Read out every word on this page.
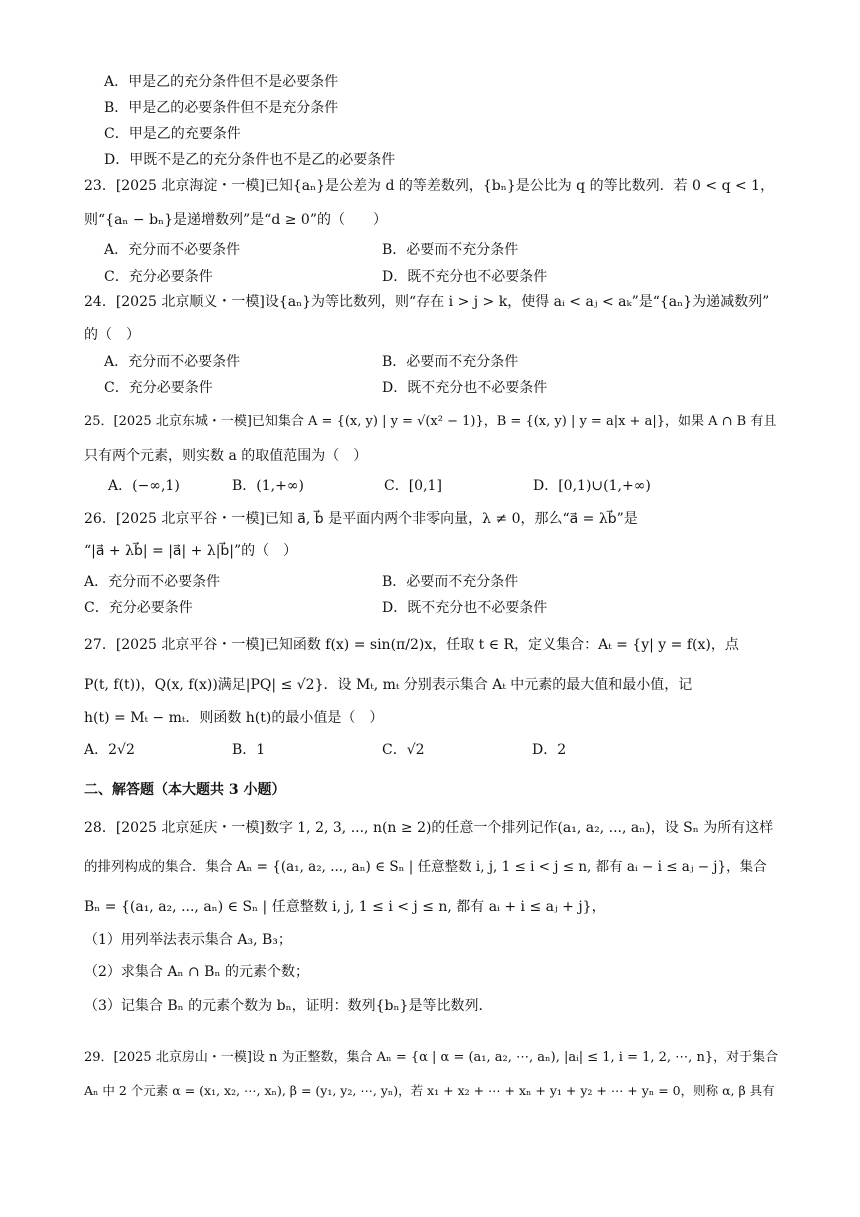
A．甲是乙的充分条件但不是必要条件
B．甲是乙的必要条件但不是充分条件
C．甲是乙的充要条件
D．甲既不是乙的充分条件也不是乙的必要条件
23．[2025 北京海淀・一模]已知{aₙ}是公差为 d 的等差数列，{bₙ}是公比为 q 的等比数列．若 0 < q < 1，
则“{aₙ − bₙ}是递增数列”是“d ≥ 0”的（　　）
A．充分而不必要条件	B．必要而不充分条件
C．充分必要条件	D．既不充分也不必要条件
24．[2025 北京顺义・一模]设{aₙ}为等比数列，则“存在 i > j > k，使得 aᵢ < aⱼ < aₖ”是“{aₙ}为递减数列”
的（　）
A．充分而不必要条件	B．必要而不充分条件
C．充分必要条件	D．既不充分也不必要条件
25．[2025 北京东城・一模]已知集合 A = {(x, y) | y = √(x² − 1)}，B = {(x, y) | y = a|x + a|}，如果 A ∩ B 有且
只有两个元素，则实数 a 的取值范围为（　）
A．(−∞,1)	B．(1,+∞)	C．[0,1]	D．[0,1)∪(1,+∞)
26．[2025 北京平谷・一模]已知 a⃗, b⃗ 是平面内两个非零向量，λ ≠ 0，那么“a⃗ = λb⃗”是
“|a⃗ + λb⃗| = |a⃗| + λ|b⃗|”的（　）
A．充分而不必要条件	B．必要而不充分条件
C．充分必要条件	D．既不充分也不必要条件
27．[2025 北京平谷・一模]已知函数 f(x) = sin(π/2)x，任取 t ∈ R，定义集合：Aₜ = {y| y = f(x)，点
P(t, f(t))，Q(x, f(x))满足|PQ| ≤ √2}．设 Mₜ, mₜ 分别表示集合 Aₜ 中元素的最大值和最小值，记
h(t) = Mₜ − mₜ．则函数 h(t)的最小值是（　）
A．2√2	B．1	C．√2	D．2
二、解答题（本大题共 3 小题）
28．[2025 北京延庆・一模]数字 1, 2, 3, ..., n(n ≥ 2)的任意一个排列记作(a₁, a₂, ..., aₙ)，设 Sₙ 为所有这样
的排列构成的集合．集合 Aₙ = {(a₁, a₂, ..., aₙ) ∈ Sₙ | 任意整数 i, j, 1 ≤ i < j ≤ n, 都有 aᵢ − i ≤ aⱼ − j}，集合
Bₙ = {(a₁, a₂, ..., aₙ) ∈ Sₙ | 任意整数 i, j, 1 ≤ i < j ≤ n, 都有 aᵢ + i ≤ aⱼ + j}，
（1）用列举法表示集合 A₃, B₃；
（2）求集合 Aₙ ∩ Bₙ 的元素个数；
（3）记集合 Bₙ 的元素个数为 bₙ，证明：数列{bₙ}是等比数列．
29．[2025 北京房山・一模]设 n 为正整数，集合 Aₙ = {α | α = (a₁, a₂, ⋯, aₙ), |aᵢ| ≤ 1, i = 1, 2, ⋯, n}，对于集合
Aₙ 中 2 个元素 α = (x₁, x₂, ⋯, xₙ), β = (y₁, y₂, ⋯, yₙ)，若 x₁ + x₂ + ⋯ + xₙ + y₁ + y₂ + ⋯ + yₙ = 0，则称 α, β 具有
